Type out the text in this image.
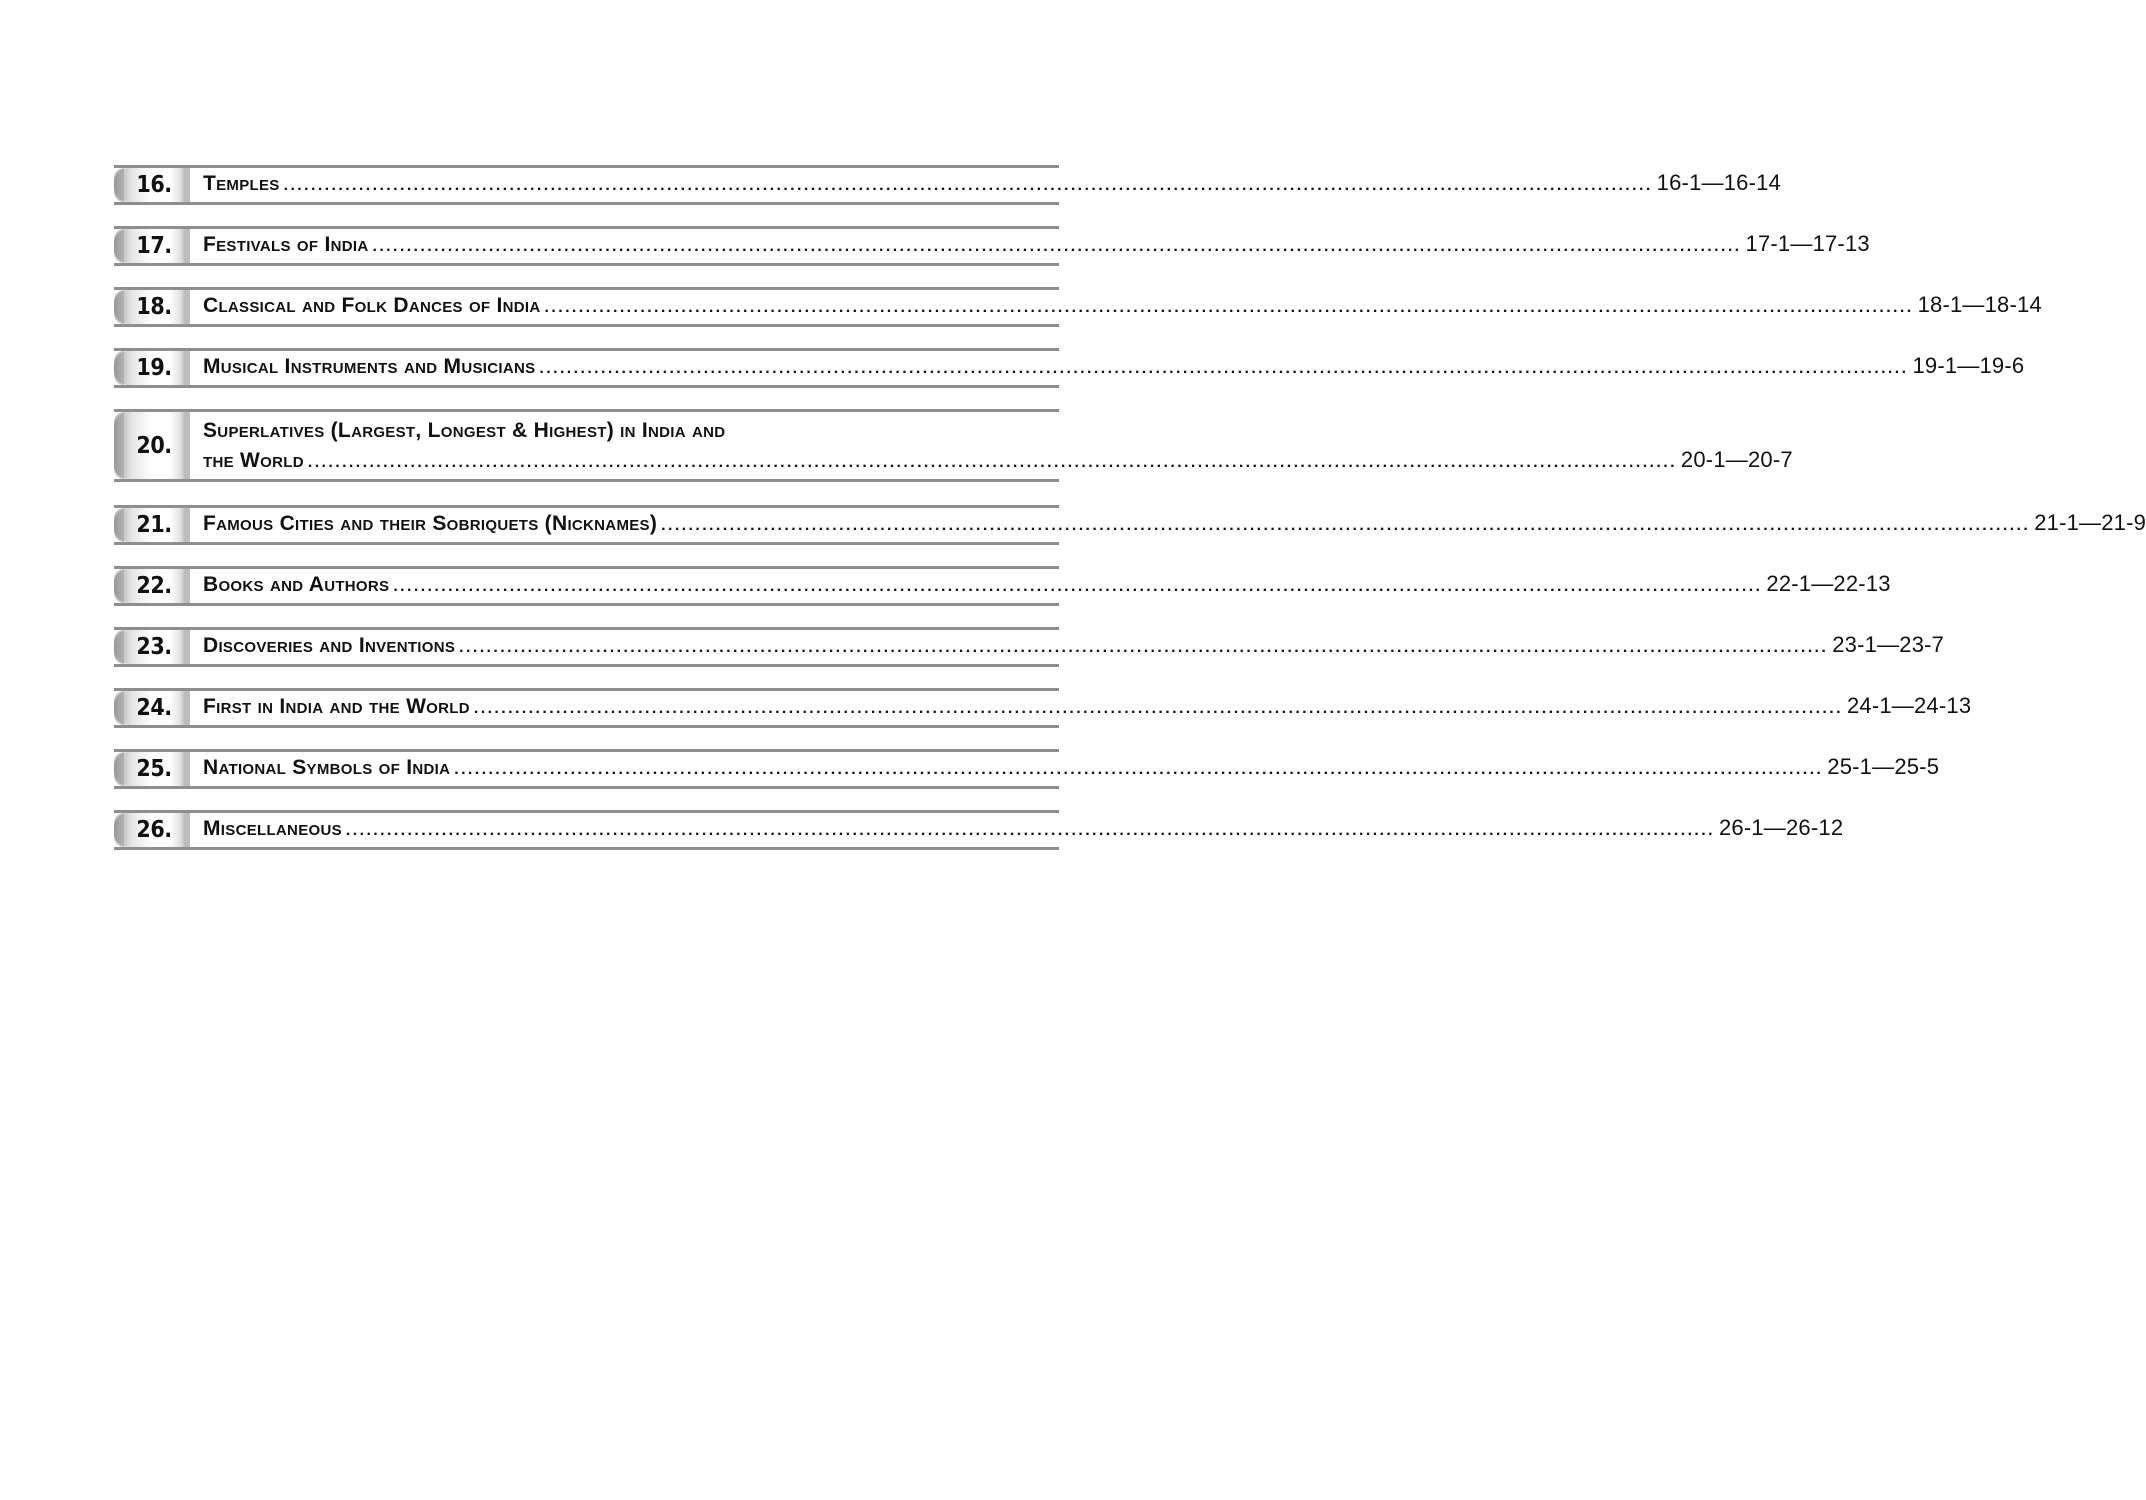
16.	Temples ........................................................................................................................................................................................................ 16-1—16-14
17.	Festivals of India ........................................................................................................................................................................................................ 17-1—17-13
18.	Classical and Folk Dances of India ........................................................................................................................................................................................................ 18-1—18-14
19.	Musical Instruments and Musicians ........................................................................................................................................................................................................ 19-1—19-6
20.
Superlatives (Largest, Longest & Highest) in India and
the World ........................................................................................................................................................................................................ 20-1—20-7
21.	Famous Cities and their Sobriquets (Nicknames) ........................................................................................................................................................................................................ 21-1—21-9
22.	Books and Authors ........................................................................................................................................................................................................ 22-1—22-13
23.	Discoveries and Inventions ........................................................................................................................................................................................................ 23-1—23-7
24.	First in India and the World ........................................................................................................................................................................................................ 24-1—24-13
25.	National Symbols of India ........................................................................................................................................................................................................ 25-1—25-5
26.	Miscellaneous ........................................................................................................................................................................................................ 26-1—26-12
